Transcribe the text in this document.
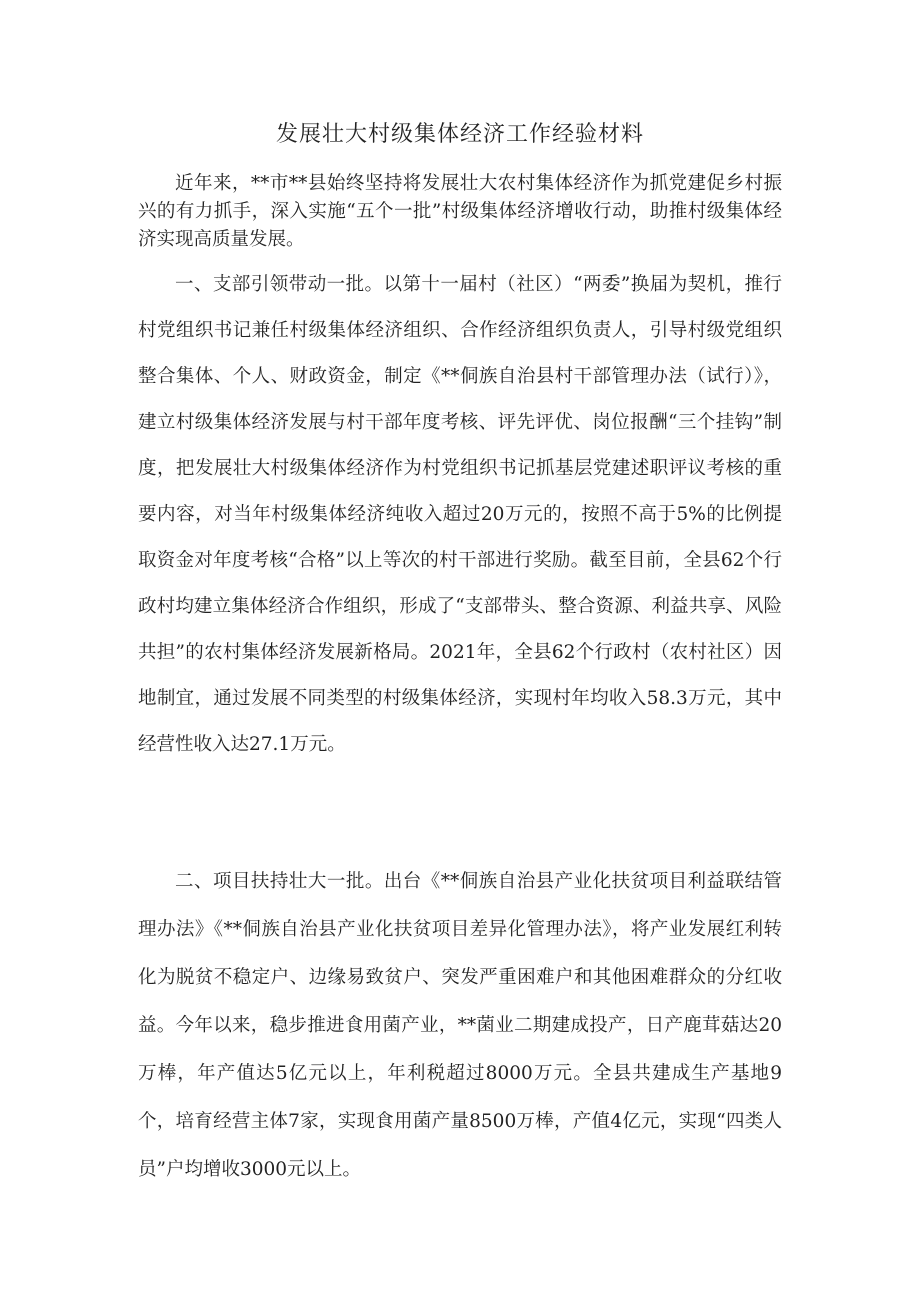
发展壮大村级集体经济工作经验材料

近年来，**市**县始终坚持将发展壮大农村集体经济作为抓党建促乡村振兴的有力抓手，深入实施“五个一批”村级集体经济增收行动，助推村级集体经济实现高质量发展。

一、支部引领带动一批。以第十一届村（社区）“两委”换届为契机，推行村党组织书记兼任村级集体经济组织、合作经济组织负责人，引导村级党组织整合集体、个人、财政资金，制定《**侗族自治县村干部管理办法（试行）》，建立村级集体经济发展与村干部年度考核、评先评优、岗位报酬“三个挂钩”制度，把发展壮大村级集体经济作为村党组织书记抓基层党建述职评议考核的重要内容，对当年村级集体经济纯收入超过20万元的，按照不高于5%的比例提取资金对年度考核“合格”以上等次的村干部进行奖励。截至目前，全县62个行政村均建立集体经济合作组织，形成了“支部带头、整合资源、利益共享、风险共担”的农村集体经济发展新格局。2021年，全县62个行政村（农村社区）因地制宜，通过发展不同类型的村级集体经济，实现村年均收入58.3万元，其中经营性收入达27.1万元。

二、项目扶持壮大一批。出台《**侗族自治县产业化扶贫项目利益联结管理办法》《**侗族自治县产业化扶贫项目差异化管理办法》，将产业发展红利转化为脱贫不稳定户、边缘易致贫户、突发严重困难户和其他困难群众的分红收益。今年以来，稳步推进食用菌产业，**菌业二期建成投产，日产鹿茸菇达20万棒，年产值达5亿元以上，年利税超过8000万元。全县共建成生产基地9个，培育经营主体7家，实现食用菌产量8500万棒，产值4亿元，实现“四类人员”户均增收3000元以上。
